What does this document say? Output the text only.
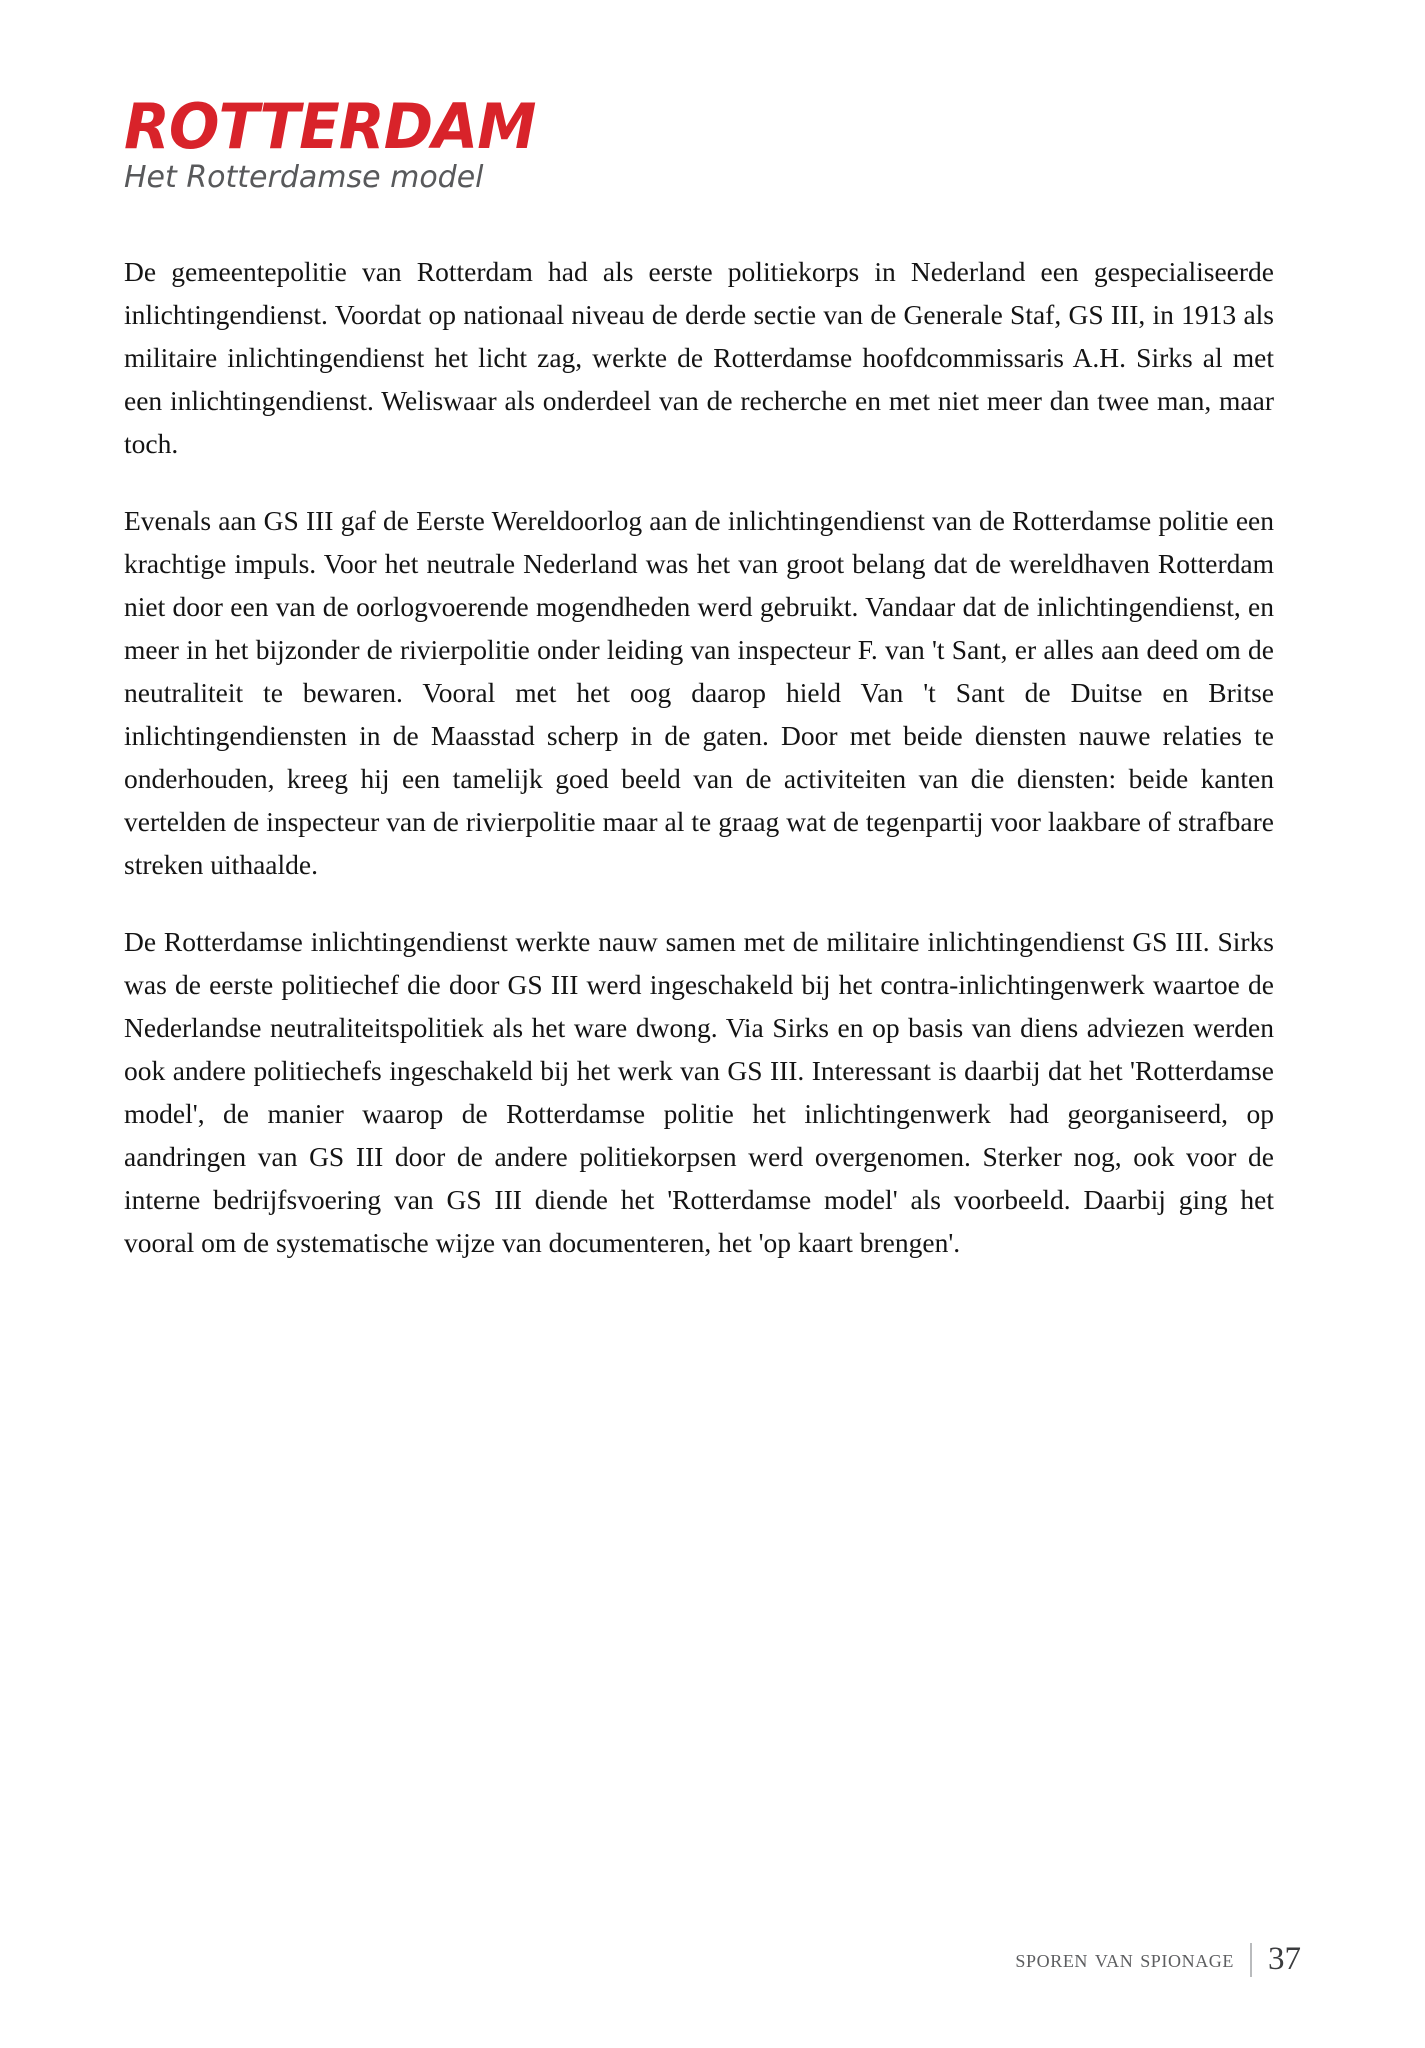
ROTTERDAM
Het Rotterdamse model

De gemeentepolitie van Rotterdam had als eerste politiekorps in Nederland een gespecialiseerde inlichtingendienst. Voordat op nationaal niveau de derde sectie van de Generale Staf, GS III, in 1913 als militaire inlichtingendienst het licht zag, werkte de Rotterdamse hoofdcommissaris A.H. Sirks al met een inlichtingendienst. Weliswaar als onderdeel van de recherche en met niet meer dan twee man, maar toch.

Evenals aan GS III gaf de Eerste Wereldoorlog aan de inlichtingendienst van de Rotterdamse politie een krachtige impuls. Voor het neutrale Nederland was het van groot belang dat de wereldhaven Rotterdam niet door een van de oorlogvoerende mogendheden werd gebruikt. Vandaar dat de inlichtingendienst, en meer in het bijzonder de rivierpolitie onder leiding van inspecteur F. van 't Sant, er alles aan deed om de neutraliteit te bewaren. Vooral met het oog daarop hield Van 't Sant de Duitse en Britse inlichtingendiensten in de Maasstad scherp in de gaten. Door met beide diensten nauwe relaties te onderhouden, kreeg hij een tamelijk goed beeld van de activiteiten van die diensten: beide kanten vertelden de inspecteur van de rivierpolitie maar al te graag wat de tegenpartij voor laakbare of strafbare streken uithaalde.

De Rotterdamse inlichtingendienst werkte nauw samen met de militaire inlichtingendienst GS III. Sirks was de eerste politiechef die door GS III werd ingeschakeld bij het contra-inlichtingenwerk waartoe de Nederlandse neutraliteitspolitiek als het ware dwong. Via Sirks en op basis van diens adviezen werden ook andere politiechefs ingeschakeld bij het werk van GS III. Interessant is daarbij dat het 'Rotterdamse model', de manier waarop de Rotterdamse politie het inlichtingenwerk had georganiseerd, op aandringen van GS III door de andere politiekorpsen werd overgenomen. Sterker nog, ook voor de interne bedrijfsvoering van GS III diende het 'Rotterdamse model' als voorbeeld. Daarbij ging het vooral om de systematische wijze van documenteren, het 'op kaart brengen'.

sporen van spionage	37
